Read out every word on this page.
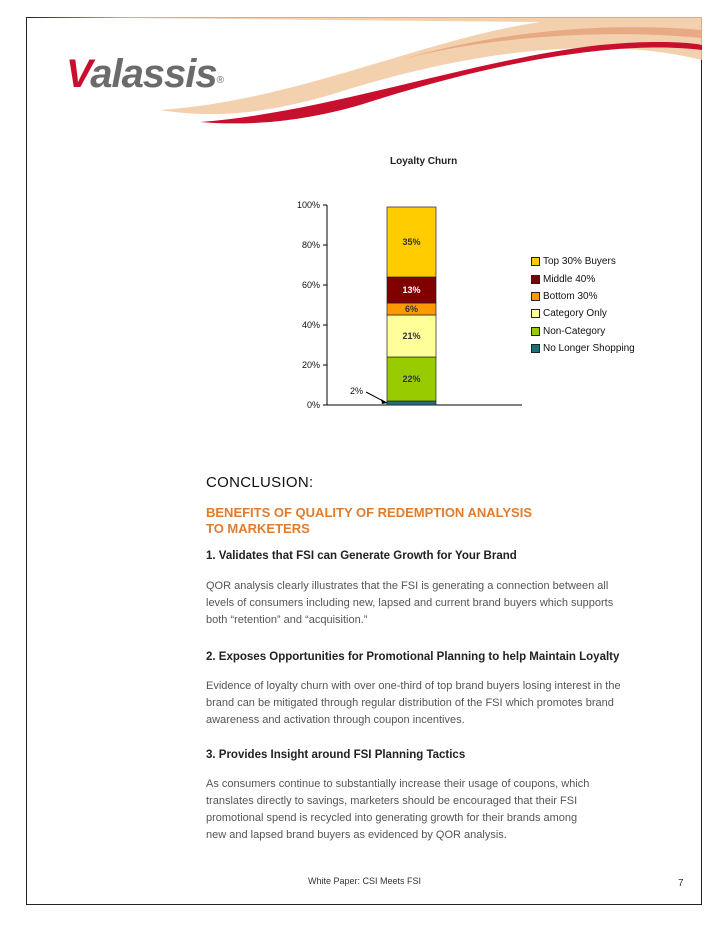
Valassis®
Loyalty Churn
0%
20%
40%
60%
80%
100%
22%
21%
6%
13%
35%
2%
Top 30% Buyers
Middle 40%
Bottom 30%
Category Only
Non-Category
No Longer Shopping
CONCLUSION:
BENEFITS OF QUALITY OF REDEMPTION ANALYSIS
TO MARKETERS

1. Validates that FSI can Generate Growth for Your Brand

QOR analysis clearly illustrates that the FSI is generating a connection between all
levels of consumers including new, lapsed and current brand buyers which supports
both “retention” and “acquisition.”

2. Exposes Opportunities for Promotional Planning to help Maintain Loyalty

Evidence of loyalty churn with over one-third of top brand buyers losing interest in the
brand can be mitigated through regular distribution of the FSI which promotes brand
awareness and activation through coupon incentives.

3. Provides Insight around FSI Planning Tactics

As consumers continue to substantially increase their usage of coupons, which
translates directly to savings, marketers should be encouraged that their FSI
promotional spend is recycled into generating growth for their brands among
new and lapsed brand buyers as evidenced by QOR analysis.
White Paper: CSI Meets FSI	7
